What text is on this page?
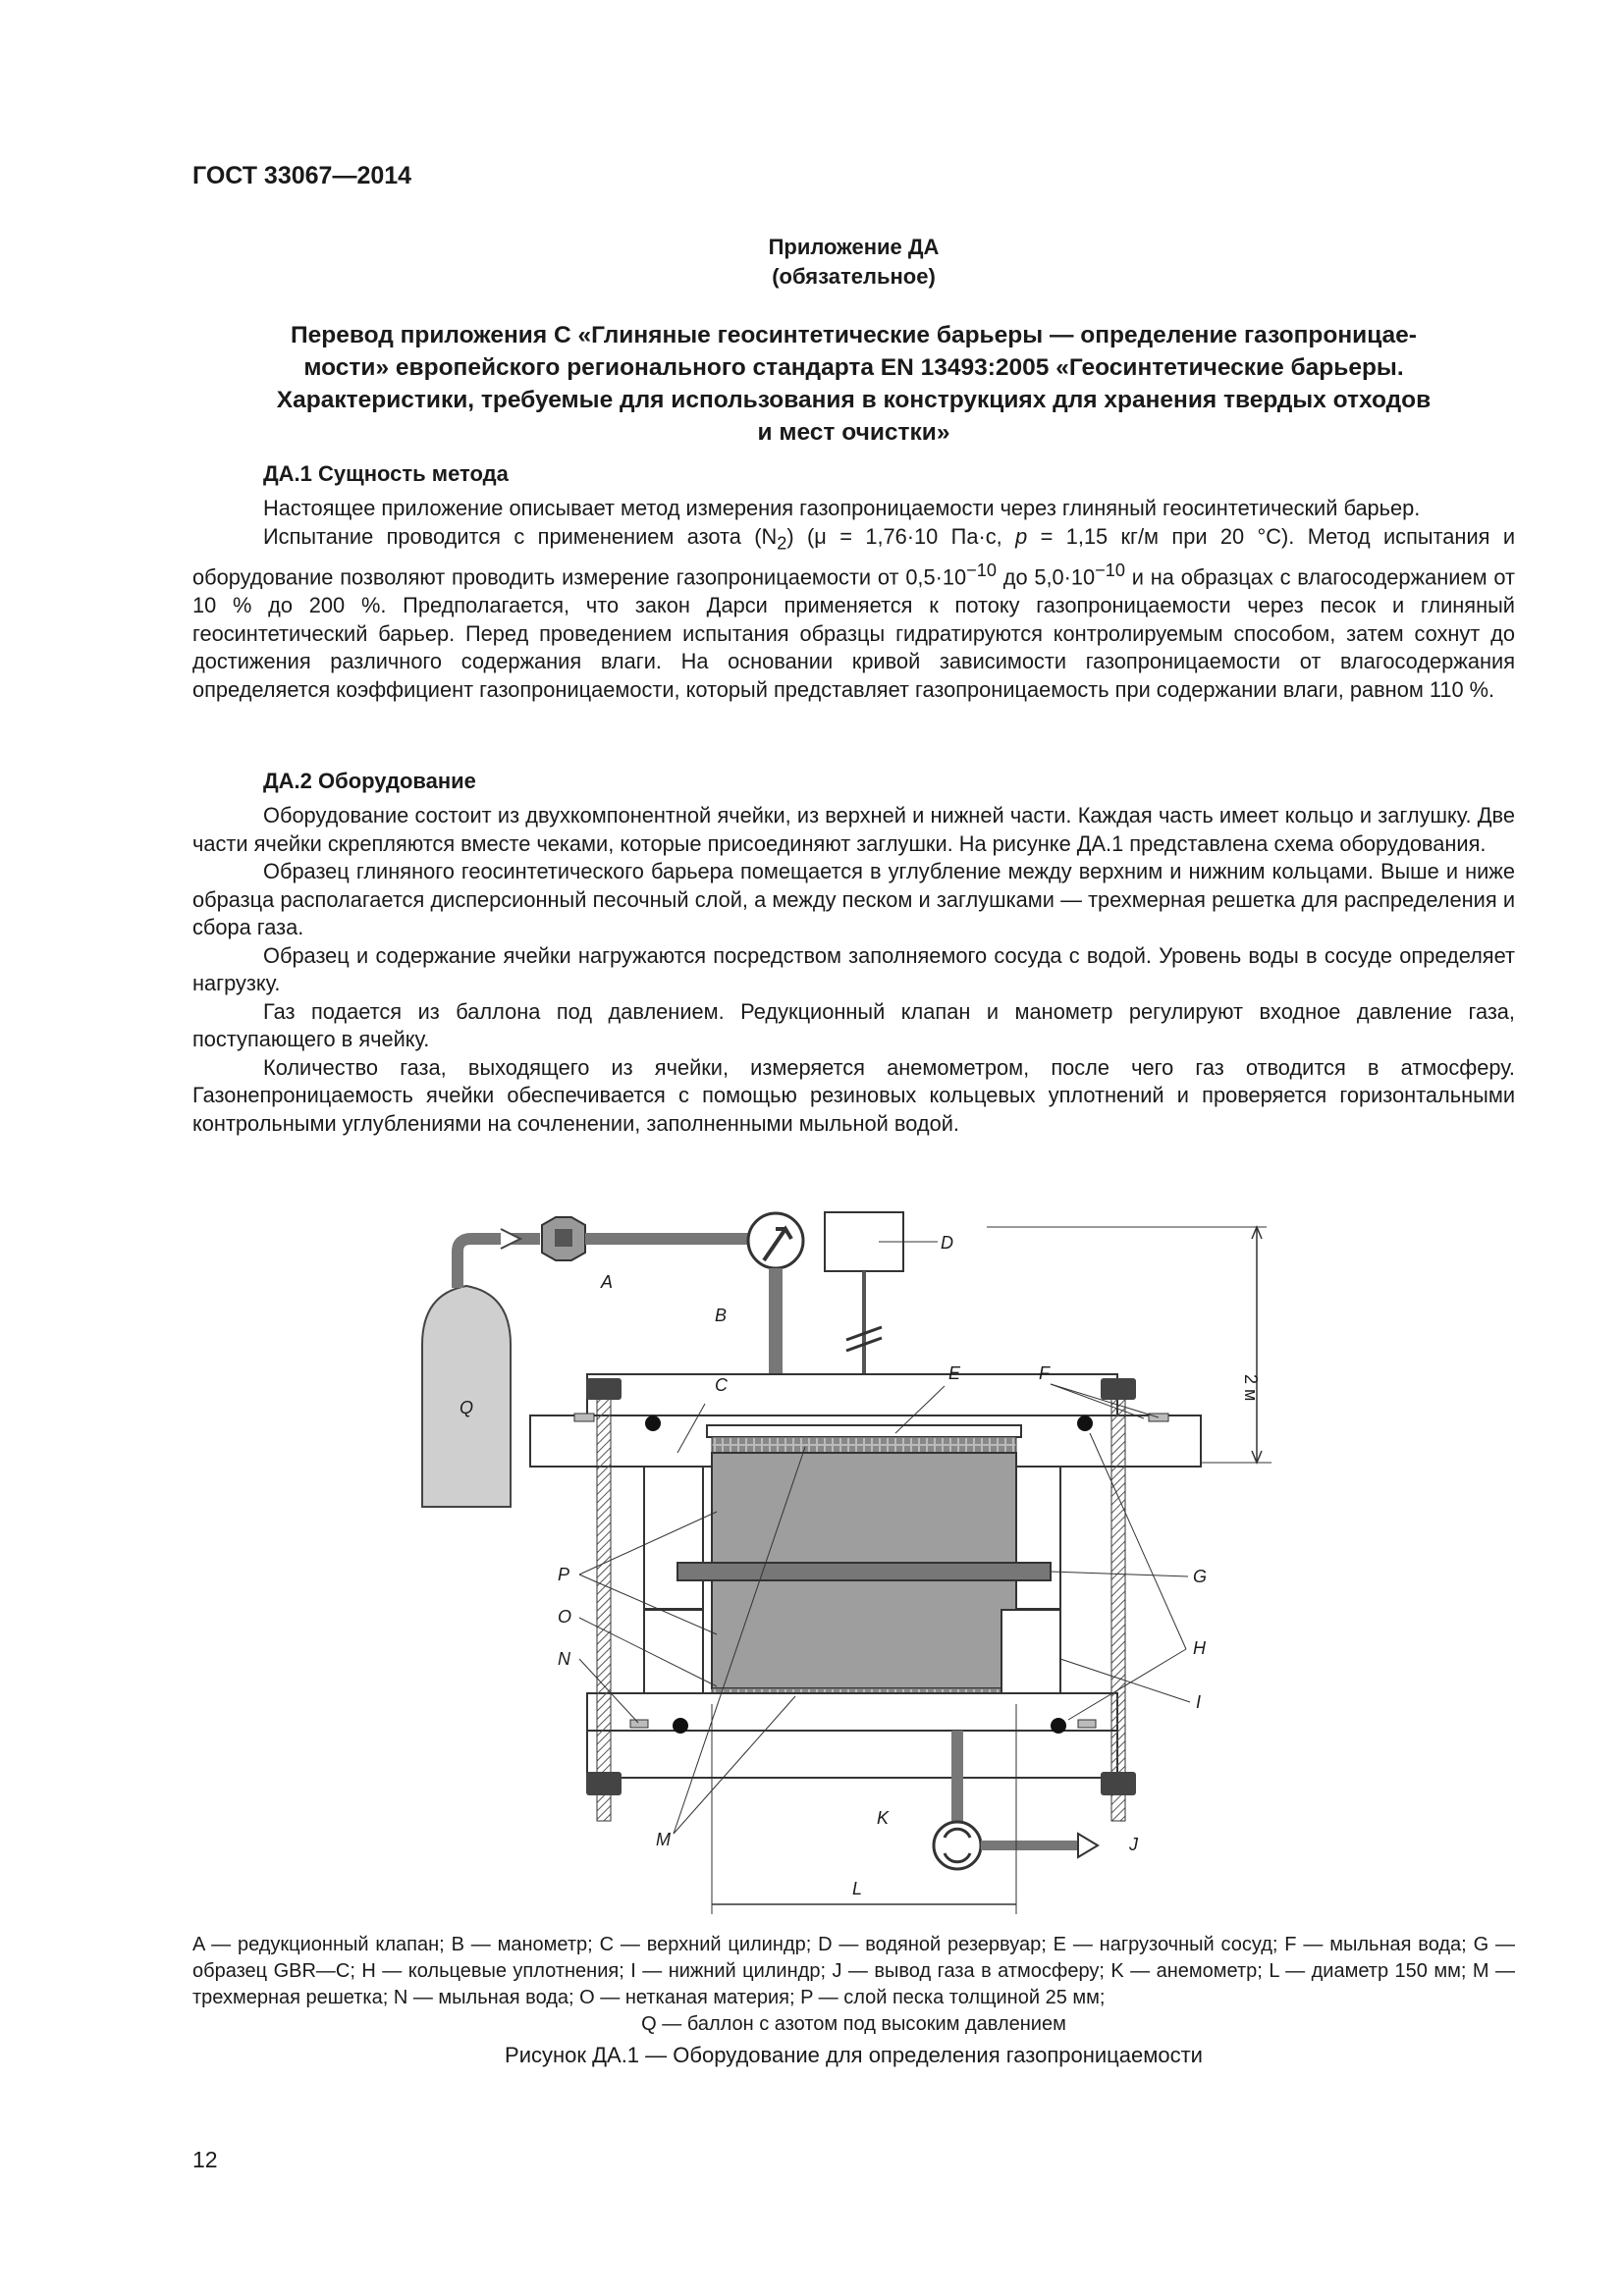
ГОСТ 33067—2014
Приложение ДА
(обязательное)
Перевод приложения С «Глиняные геосинтетические барьеры — определение газопроницае-
мости» европейского регионального стандарта EN 13493:2005 «Геосинтетические барьеры.
Характеристики, требуемые для использования в конструкциях для хранения твердых отходов
и мест очистки»
ДА.1 Сущность метода

Настоящее приложение описывает метод измерения газопроницаемости через глиняный геосинтетический барьер.

Испытание проводится с применением азота $(N_2) (\mu = 1,76\cdot 10$ Па·с, p = 1,15 кг/м при 20 °С). Метод испытания и оборудование позволяют проводить измерение газопроницаемости от $0,5\cdot 10^{-10}$ до $5,0\cdot 10^{-10}$ и на образцах с влагосодержанием от 10 % до 200 %. Предполагается, что закон Дарси применяется к потоку газопроницаемости через песок и глиняный геосинтетический барьер. Перед проведением испытания образцы гидратируются контролируемым способом, затем сохнут до достижения различного содержания влаги. На основании кривой зависимости газопроницаемости от влагосодержания определяется коэффициент газопроницаемости, который представляет газопроницаемость при содержании влаги, равном 110 %.

ДА.2 Оборудование

Оборудование состоит из двухкомпонентной ячейки, из верхней и нижней части. Каждая часть имеет кольцо и заглушку. Две части ячейки скрепляются вместе чеками, которые присоединяют заглушки. На рисунке ДА.1 представлена схема оборудования.

Образец глиняного геосинтетического барьера помещается в углубление между верхним и нижним кольцами. Выше и ниже образца располагается дисперсионный песочный слой, а между песком и заглушками — трехмерная решетка для распределения и сбора газа.

Образец и содержание ячейки нагружаются посредством заполняемого сосуда с водой. Уровень воды в сосуде определяет нагрузку.

Газ подается из баллона под давлением. Редукционный клапан и манометр регулируют входное давление газа, поступающего в ячейку.

Количество газа, выходящего из ячейки, измеряется анемометром, после чего газ отводится в атмосферу. Газонепроницаемость ячейки обеспечивается с помощью резиновых кольцевых уплотнений и проверяется горизонтальными контрольными углублениями на сочленении, заполненными мыльной водой.

Q
A
B
D
2 м
C
E
K
J
L
F
G
H
I
P
O
N
M
A — редукционный клапан; B — манометр; C — верхний цилиндр; D — водяной резервуар; E — нагрузочный сосуд; F — мыльная вода; G — образец GBR—C; H — кольцевые уплотнения; I — нижний цилиндр; J — вывод газа в атмосферу; K — анемометр; L — диаметр 150 мм; M — трехмерная решетка; N — мыльная вода; O — нетканая материя; P — слой песка толщиной 25 мм;
Q — баллон с азотом под высоким давлением
Рисунок ДА.1 — Оборудование для определения газопроницаемости
12
